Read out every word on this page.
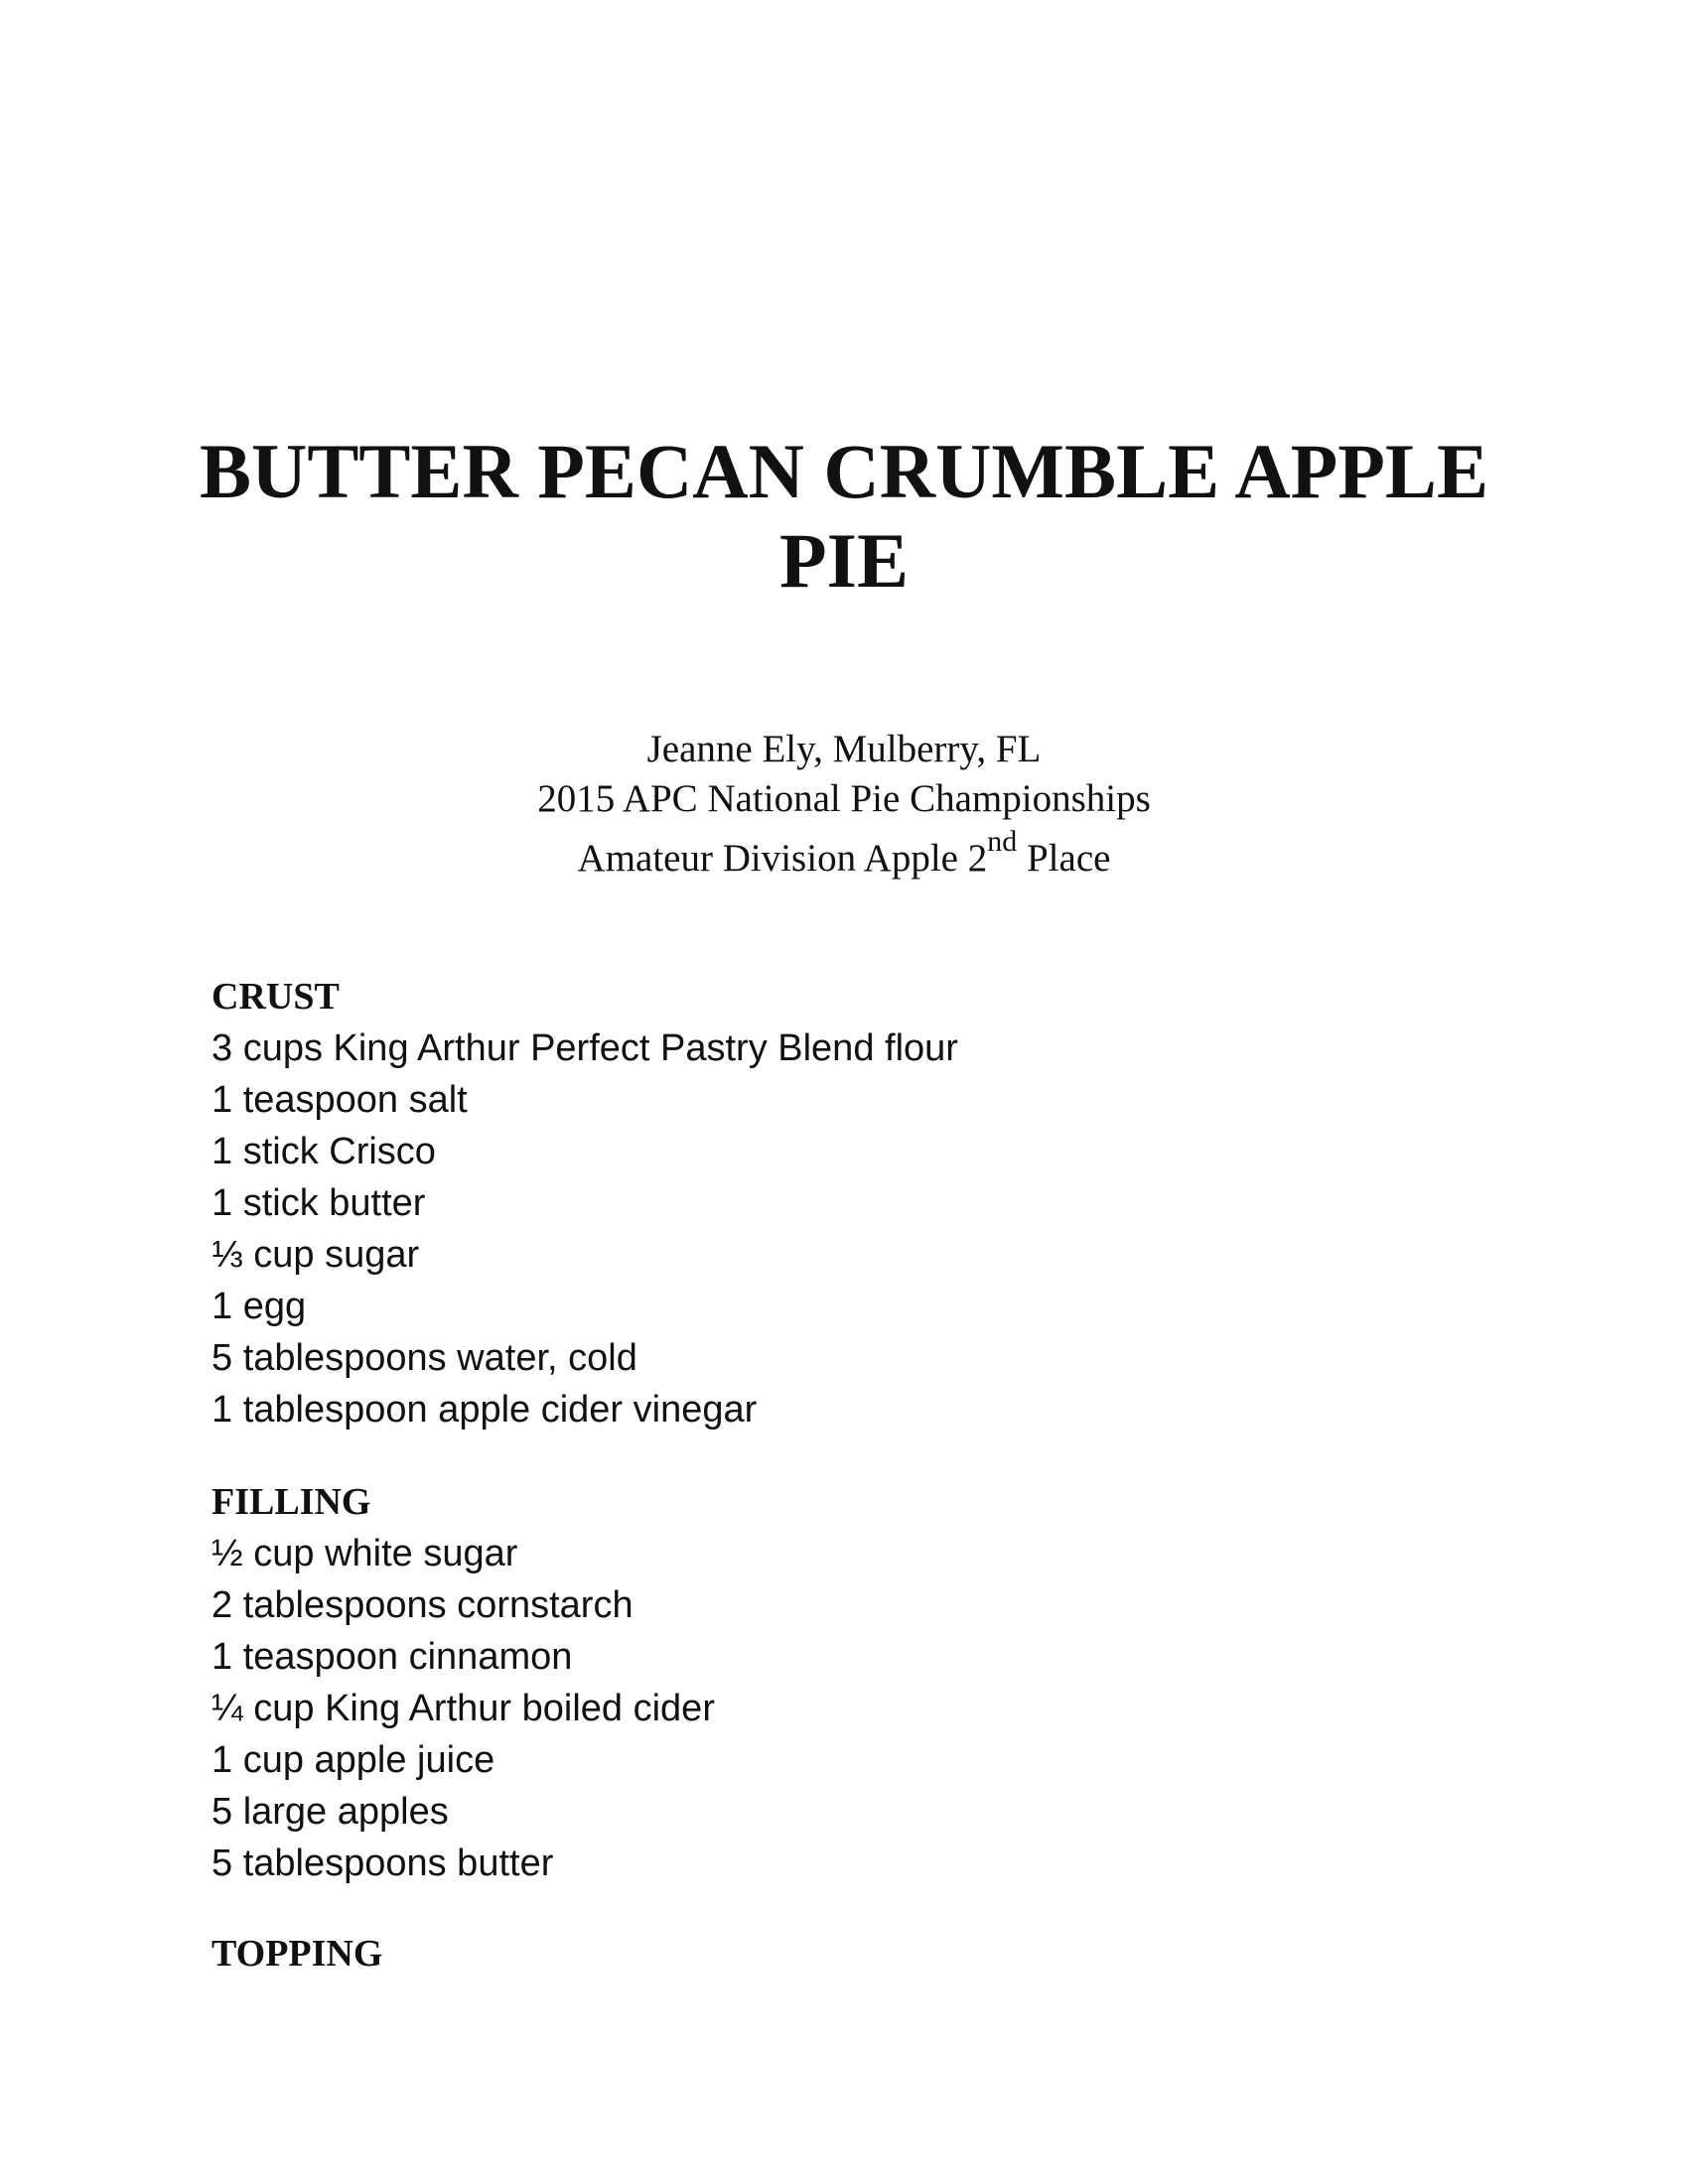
BUTTER PECAN CRUMBLE APPLE PIE
Jeanne Ely, Mulberry, FL
2015 APC National Pie Championships
Amateur Division Apple 2nd Place
CRUST
3 cups King Arthur Perfect Pastry Blend flour
1 teaspoon salt
1 stick Crisco
1 stick butter
⅓ cup sugar
1 egg
5 tablespoons water, cold
1 tablespoon apple cider vinegar
FILLING
½ cup white sugar
2 tablespoons cornstarch
1 teaspoon cinnamon
¼ cup King Arthur boiled cider
1 cup apple juice
5 large apples
5 tablespoons butter
TOPPING
